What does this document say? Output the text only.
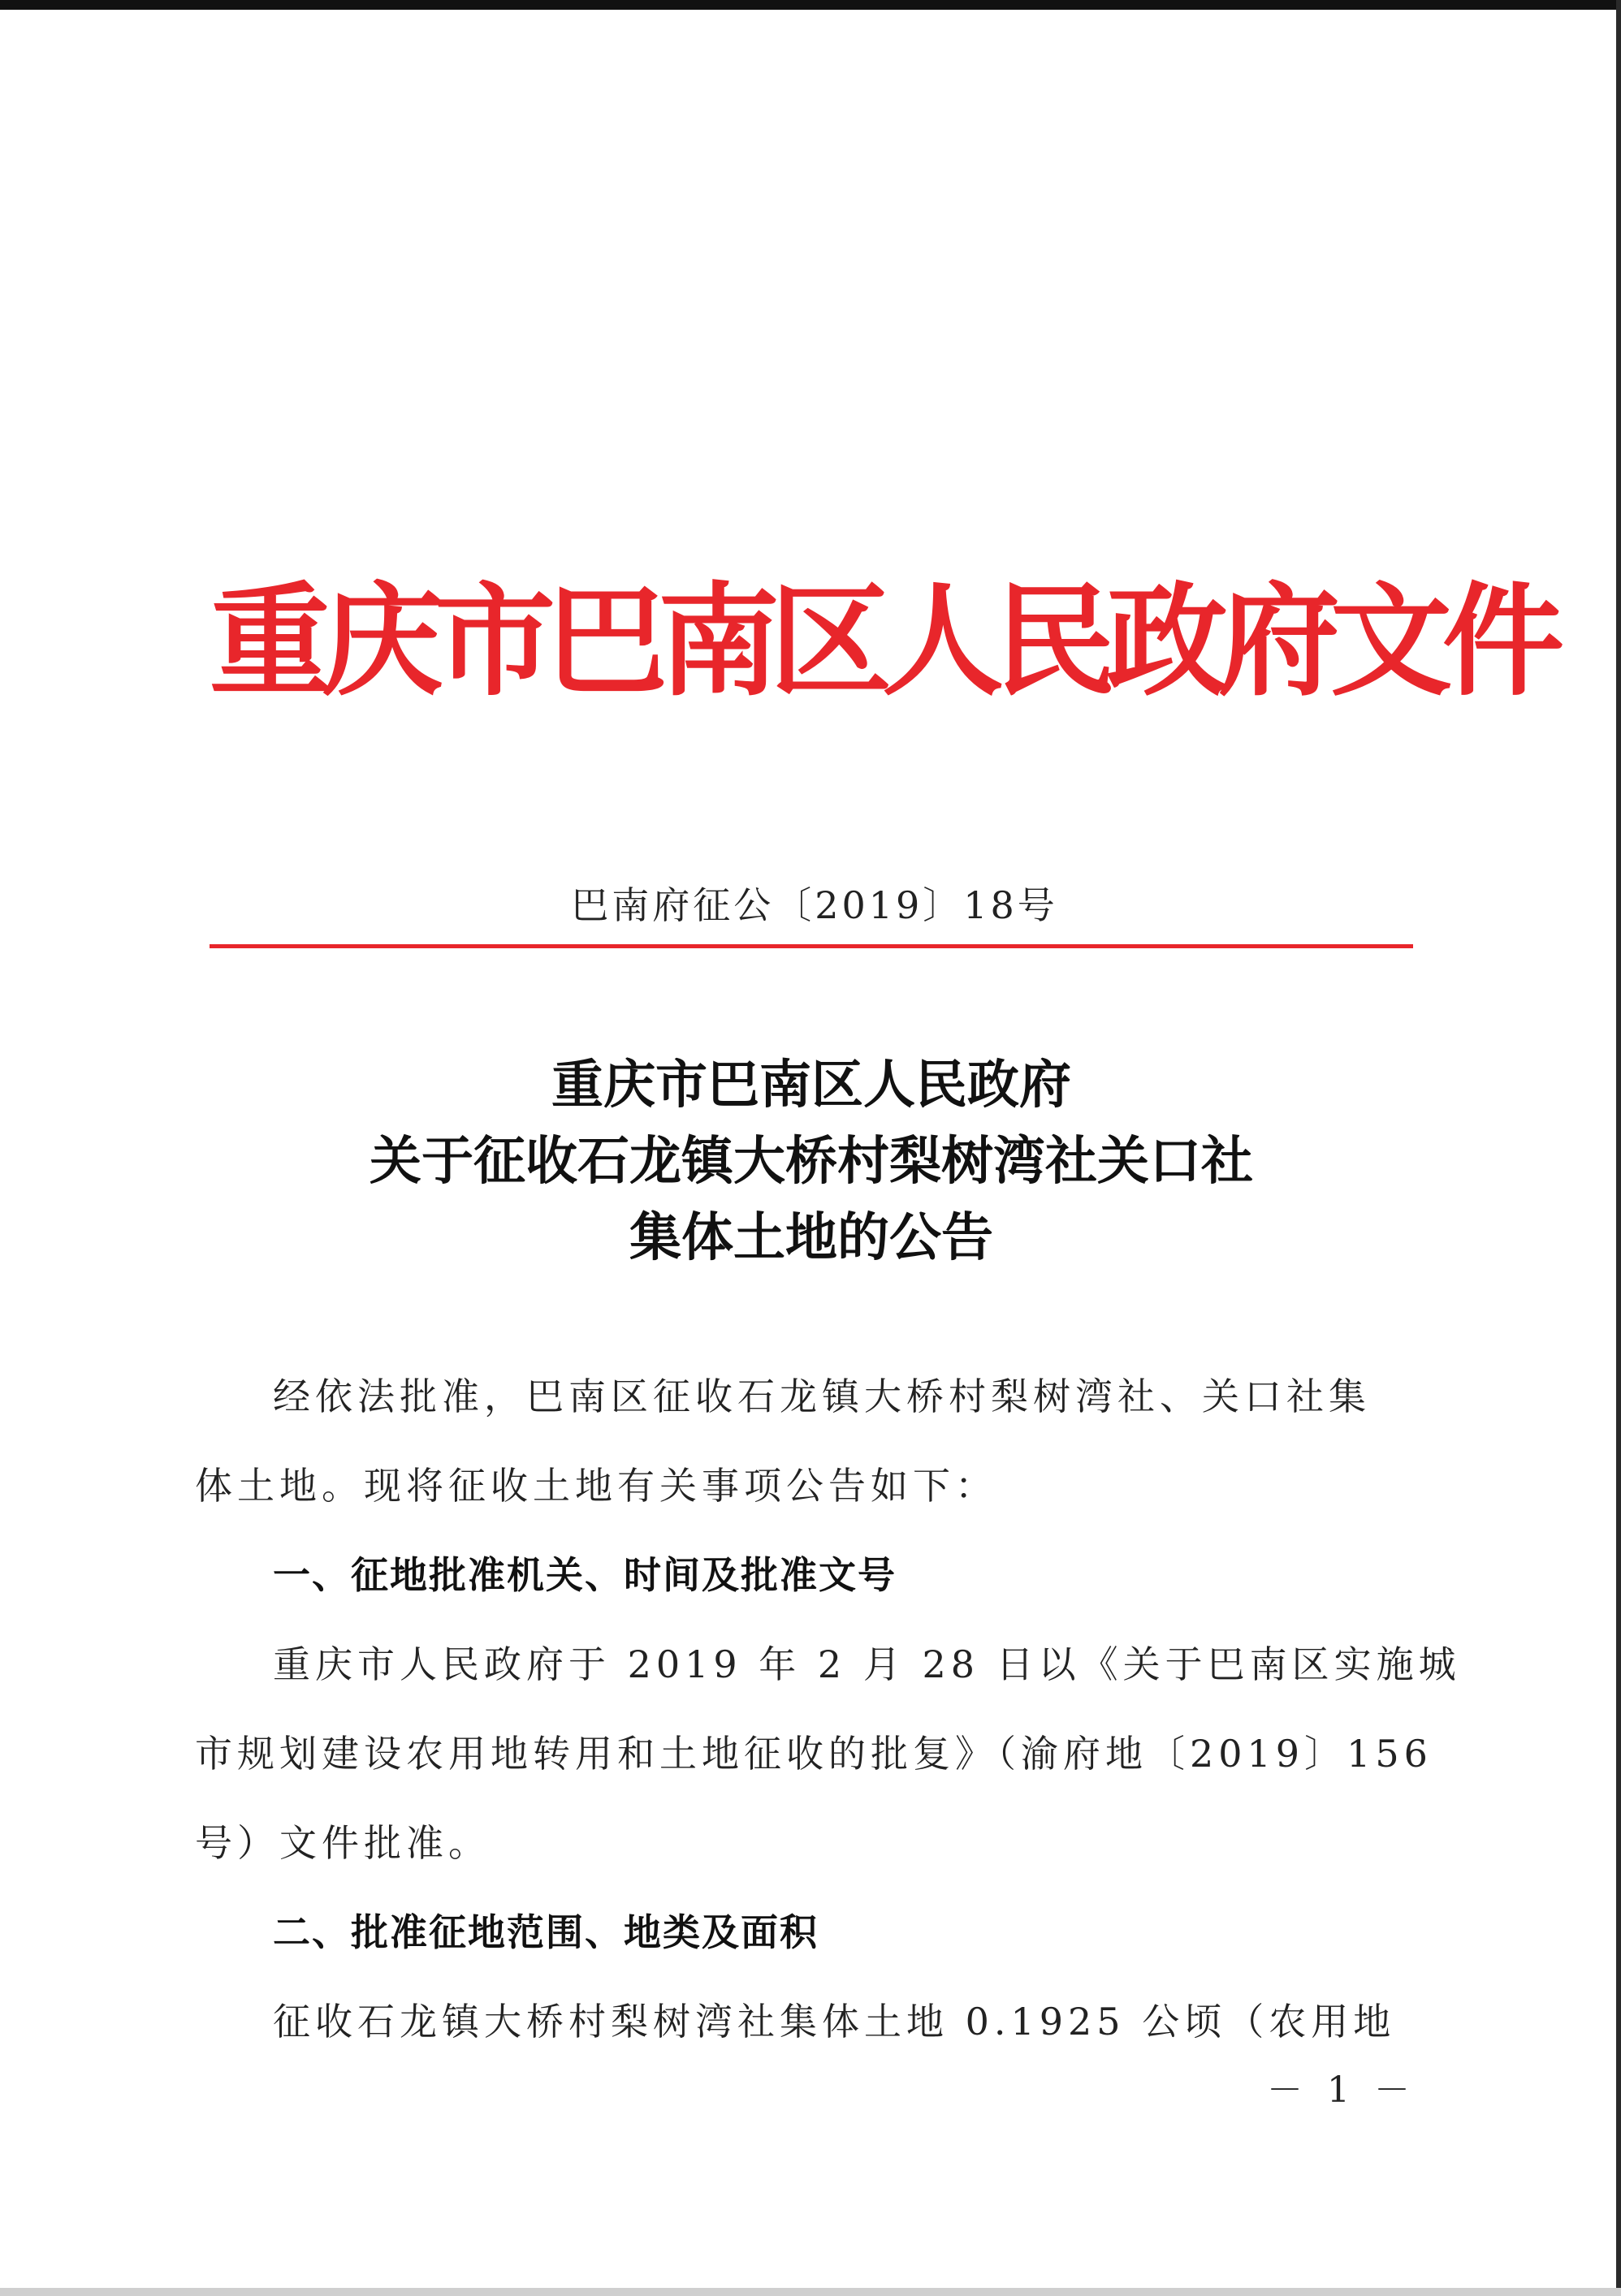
重庆市巴南区人民政府文件
巴南府征公〔2019〕18号
重庆市巴南区人民政府
关于征收石龙镇大桥村梨树湾社关口社
集体土地的公告

经依法批准，巴南区征收石龙镇大桥村梨树湾社、关口社集
体土地。现将征收土地有关事项公告如下：

一、征地批准机关、时间及批准文号

重庆市人民政府于 2019 年 2 月 28 日以《关于巴南区实施城
市规划建设农用地转用和土地征收的批复》（渝府地〔2019〕156
号）文件批准。

二、批准征地范围、地类及面积

征收石龙镇大桥村梨树湾社集体土地 0.1925 公顷（农用地

－ 1 －
